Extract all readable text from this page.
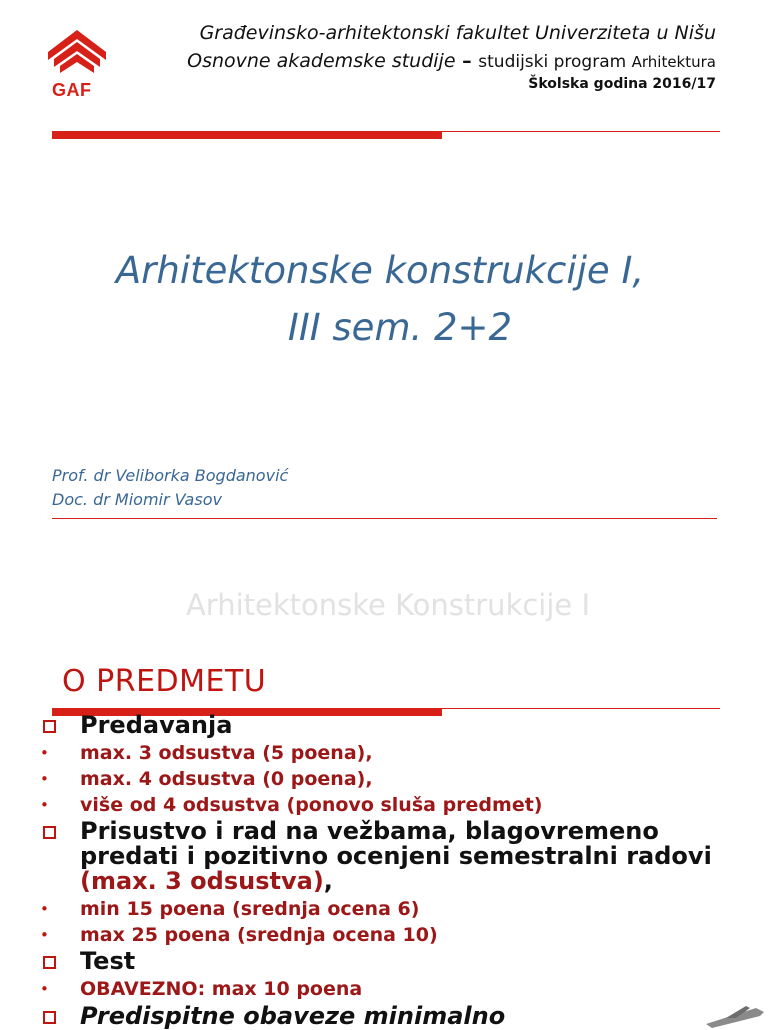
GAF
Građevinsko-arhitektonski fakultet Univerziteta u Nišu
Osnovne akademske studije – studijski program Arhitektura
Školska godina 2016/17
Arhitektonske konstrukcije I,
III sem. 2+2
Prof. dr Veliborka Bogdanović
Doc. dr Miomir Vasov
Arhitektonske Konstrukcije I
O PREDMETU
Predavanja
• max. 3 odsustva (5 poena),
• max. 4 odsustva (0 poena),
• više od 4 odsustva (ponovo sluša predmet)
Prisustvo i rad na vežbama, blagovremeno predati i pozitivno ocenjeni semestralni radovi (max. 3 odsustva),
• min 15 poena (srednja ocena 6)
• max 25 poena (srednja ocena 10)
Test
• OBAVEZNO: max 10 poena
Predispitne obaveze minimalno
